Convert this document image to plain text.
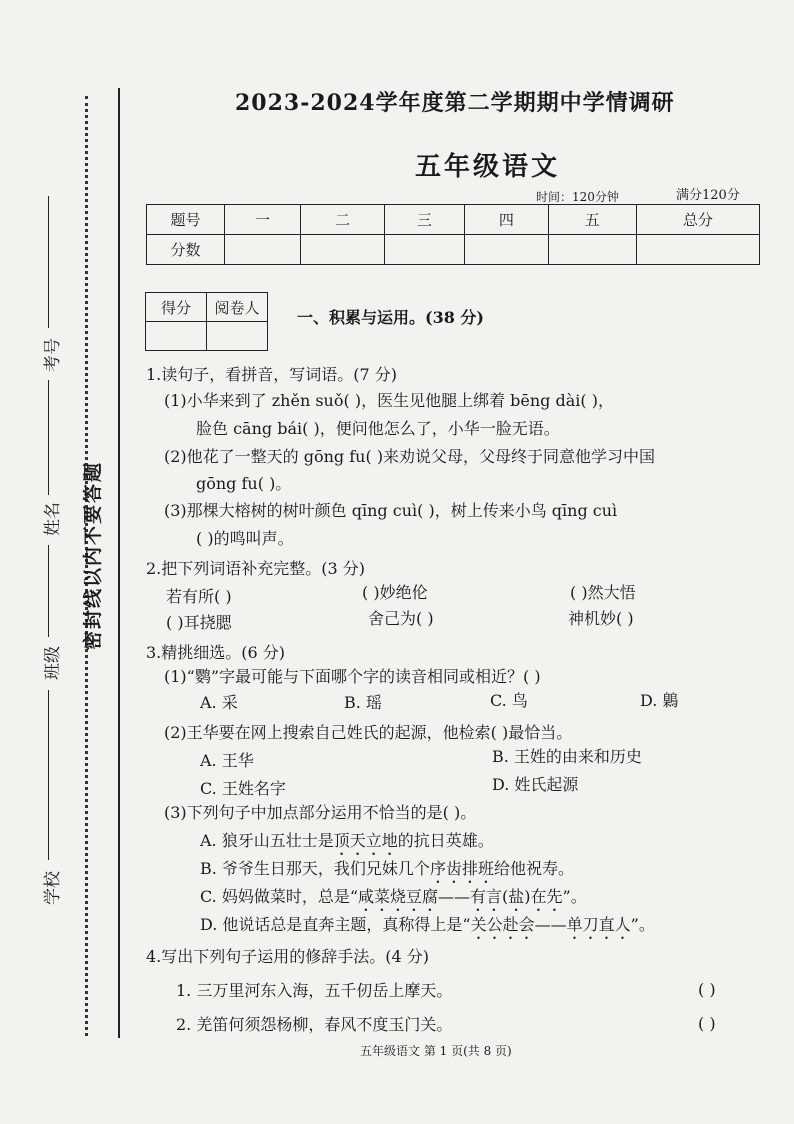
考号
姓名 密封线以内不要答题
班级
学校
2023-2024学年度第二学期期中学情调研
五年级语文
时间：120分钟	满分120分
题号	一	二	三	四	五	总分
分数						
得分	阅卷人

一、积累与运用。(38 分)
1.读句子，看拼音，写词语。(7 分)
(1)小华来到了 zhěn suǒ( )，医生见他腿上绑着 bēng dài( )，
脸色 cāng bái( )，便问他怎么了，小华一脸无语。
(2)他花了一整天的 gōng fu( )来劝说父母，父母终于同意他学习中国
gōng fu( )。
(3)那棵大榕树的树叶颜色 qīng cuì( )，树上传来小鸟 qīng cuì
( )的鸣叫声。
2.把下列词语补充完整。(3 分)
若有所( )	( )妙绝伦	( )然大悟
( )耳挠腮	舍己为( )	神机妙( )
3.精挑细选。(6 分)
(1)“鹦”字最可能与下面哪个字的读音相同或相近？( )
A. 采	B. 瑶	C. 鸟	D. 鷍
(2)王华要在网上搜索自己姓氏的起源，他检索( )最恰当。
A. 王华	B. 王姓的由来和历史
C. 王姓名字	D. 姓氏起源
(3)下列句子中加点部分运用不恰当的是( )。
A. 狼牙山五壮士是顶天立地的抗日英雄。
B. 爷爷生日那天，我们兄妹几个序齿排班给他祝寿。
C. 妈妈做菜时，总是“咸菜烧豆腐——有言(盐)在先”。
D. 他说话总是直奔主题，真称得上是“关公赴会——单刀直人”。
4.写出下列句子运用的修辞手法。(4 分)
1. 三万里河东入海，五千仞岳上摩天。	( )
2. 羌笛何须怨杨柳，春风不度玉门关。	( )
五年级语文 第 1 页(共 8 页)
